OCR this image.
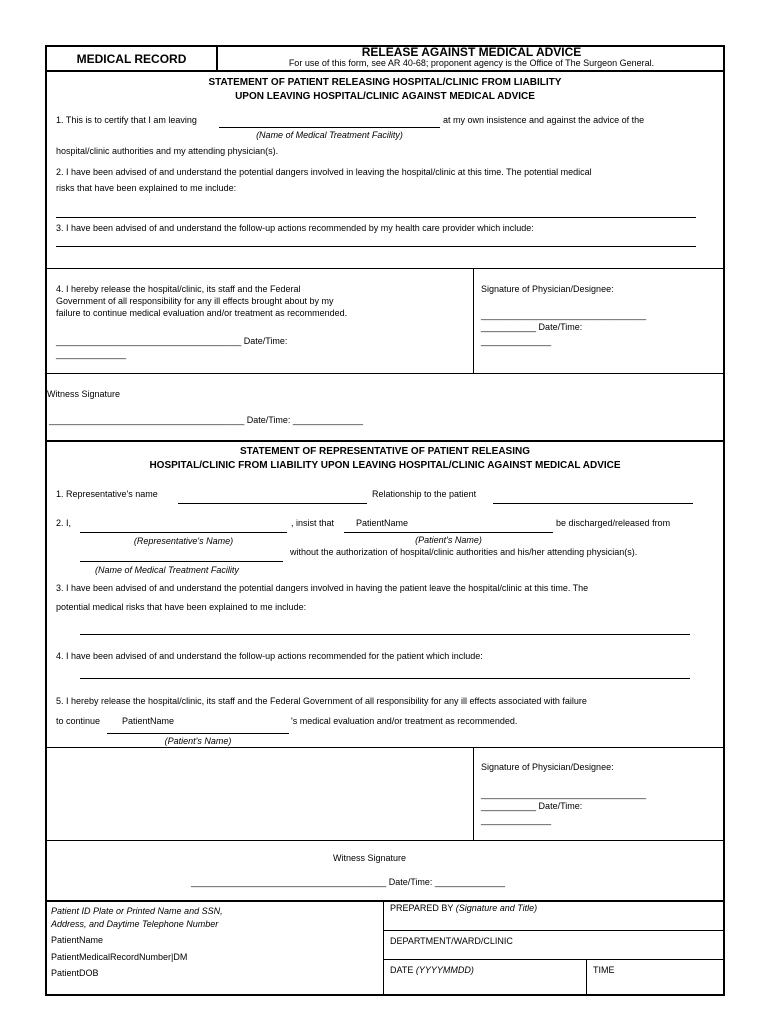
MEDICAL RECORD	RELEASE AGAINST MEDICAL ADVICE
For use of this form, see AR 40-68; proponent agency is the Office of The Surgeon General.
STATEMENT OF PATIENT RELEASING HOSPITAL/CLINIC FROM LIABILITY
UPON LEAVING HOSPITAL/CLINIC AGAINST MEDICAL ADVICE
1. This is to certify that I am leaving	at my own insistence and against the advice of the
(Name of Medical Treatment Facility)
hospital/clinic authorities and my attending physician(s).
2. I have been advised of and understand the potential dangers involved in leaving the hospital/clinic at this time. The potential medical
risks that have been explained to me include:
3. I have been advised of and understand the follow-up actions recommended by my health care provider which include:
4. I hereby release the hospital/clinic, its staff and the Federal
Government of all responsibility for any ill effects brought about by my
failure to continue medical evaluation and/or treatment as recommended.
_____________________________________ Date/Time:
______________
Signature of Physician/Designee:
_________________________________
___________ Date/Time:
______________
Witness Signature
_______________________________________ Date/Time: ______________
STATEMENT OF REPRESENTATIVE OF PATIENT RELEASING
HOSPITAL/CLINIC FROM LIABILITY UPON LEAVING HOSPITAL/CLINIC AGAINST MEDICAL ADVICE
1. Representative's name	Relationship to the patient
2. I,	, insist that PatientName	be discharged/released from
(Representative's Name)	(Patient's Name)
without the authorization of hospital/clinic authorities and his/her attending physician(s).
(Name of Medical Treatment Facility
3. I have been advised of and understand the potential dangers involved in having the patient leave the hospital/clinic at this time. The
potential medical risks that have been explained to me include:
4. I have been advised of and understand the follow-up actions recommended for the patient which include:
5. I hereby release the hospital/clinic, its staff and the Federal Government of all responsibility for any ill effects associated with failure
to continue PatientName	's medical evaluation and/or treatment as recommended.
(Patient's Name)
Signature of Physician/Designee:
_________________________________
___________ Date/Time:
______________
Witness Signature
_______________________________________ Date/Time: ______________
Patient ID Plate or Printed Name and SSN,
Address, and Daytime Telephone Number
PatientName
PatientMedicalRecordNumber|DM
PatientDOB
PREPARED BY (Signature and Title)
DEPARTMENT/WARD/CLINIC
DATE (YYYYMMDD)	TIME
